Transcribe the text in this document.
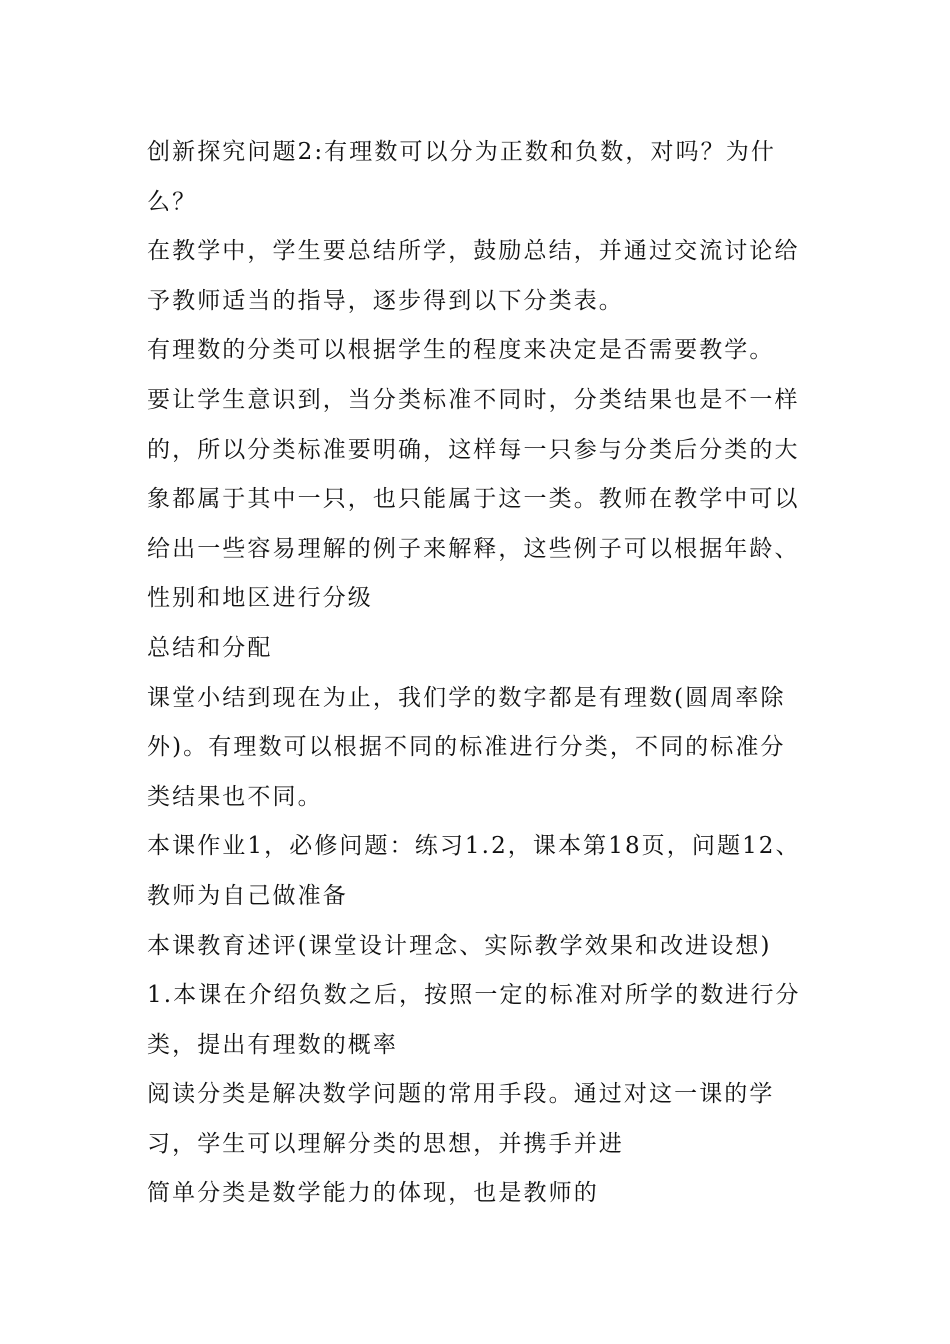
创新探究问题2:有理数可以分为正数和负数，对吗？为什么？

在教学中，学生要总结所学，鼓励总结，并通过交流讨论给予教师适当的指导，逐步得到以下分类表。

有理数的分类可以根据学生的程度来决定是否需要教学。

要让学生意识到，当分类标准不同时，分类结果也是不一样的，所以分类标准要明确，这样每一只参与分类后分类的大象都属于其中一只，也只能属于这一类。教师在教学中可以给出一些容易理解的例子来解释，这些例子可以根据年龄、性别和地区进行分级

总结和分配

课堂小结到现在为止，我们学的数字都是有理数(圆周率除外)。有理数可以根据不同的标准进行分类，不同的标准分类结果也不同。

本课作业1，必修问题：练习1.2，课本第18页，问题12、教师为自己做准备

本课教育述评(课堂设计理念、实际教学效果和改进设想)

1.本课在介绍负数之后，按照一定的标准对所学的数进行分类，提出有理数的概率

阅读分类是解决数学问题的常用手段。通过对这一课的学习，学生可以理解分类的思想，并携手并进

简单分类是数学能力的体现，也是教师的
